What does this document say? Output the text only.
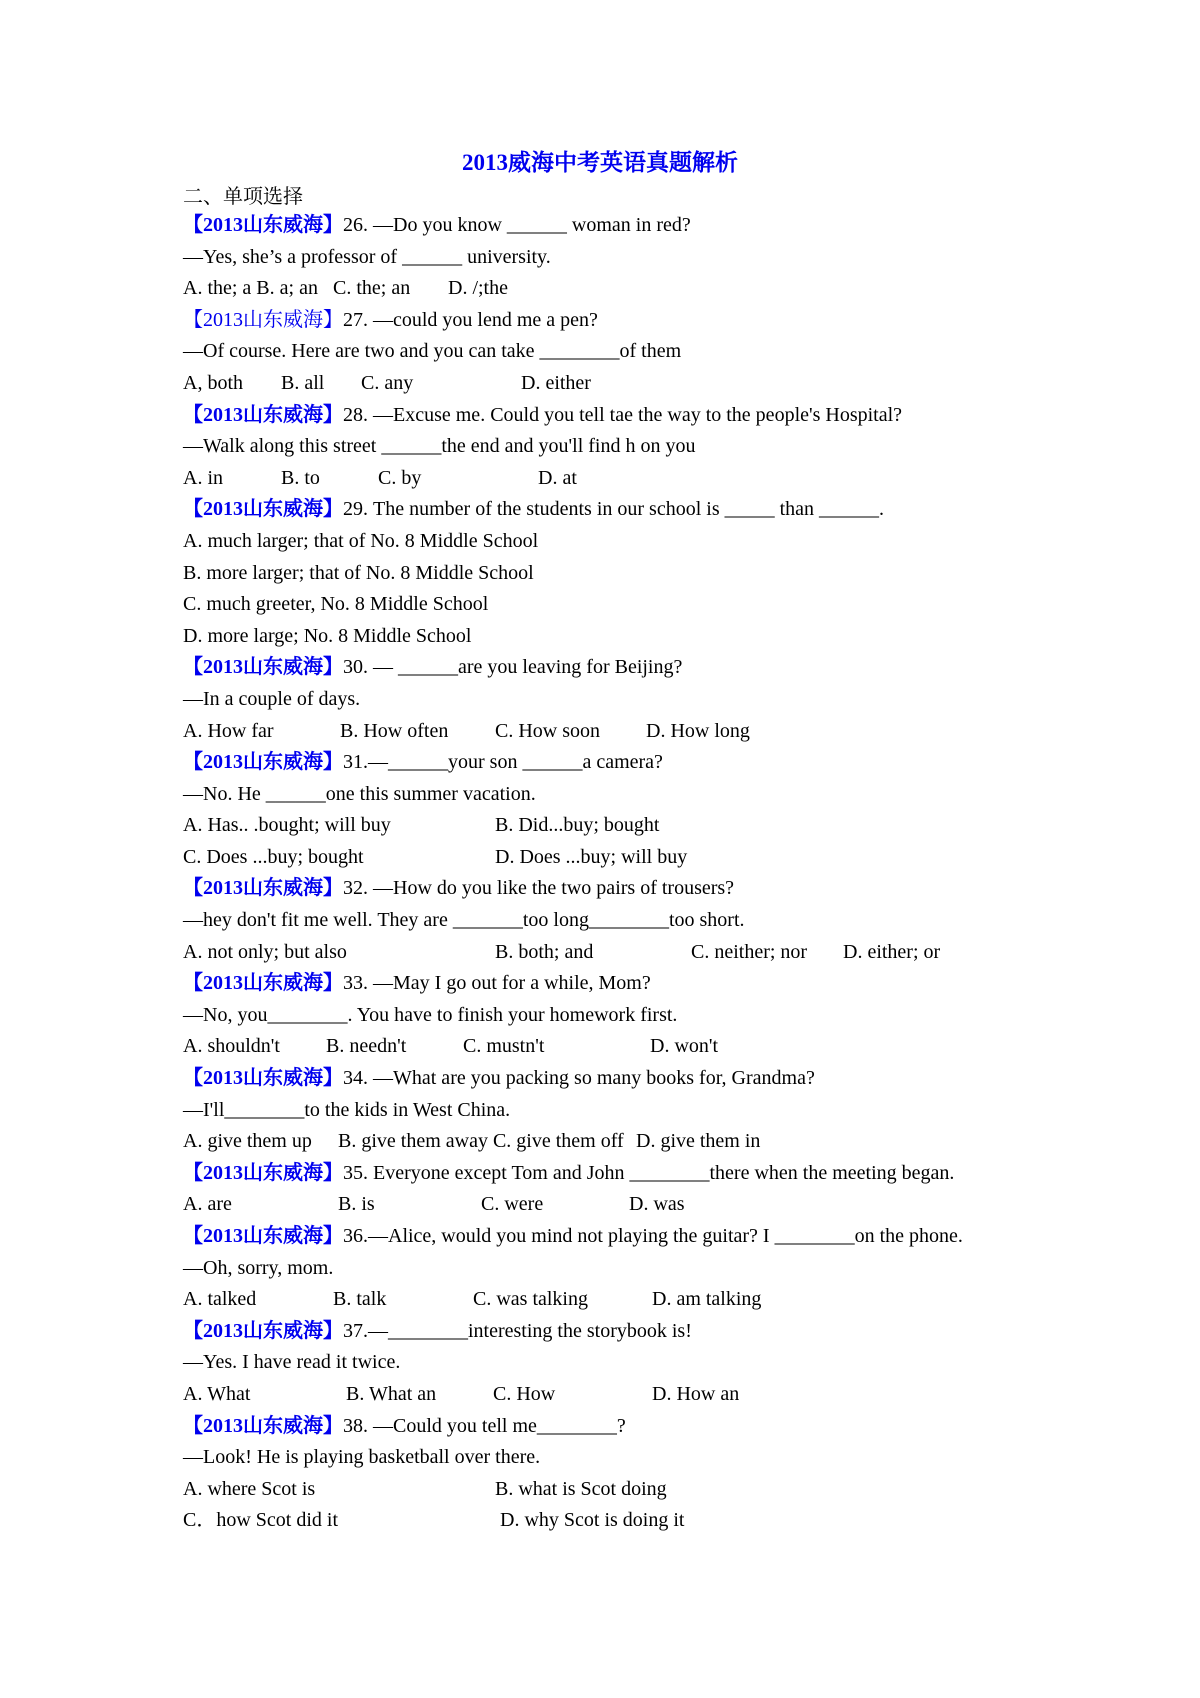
2013威海中考英语真题解析
二、单项选择
【2013山东威海】26. —Do you know ______ woman in red?
—Yes, she’s a professor of ______ university.
A. the; a B. a; an C. the; an D. /;the
【2013山东威海】27. —could you lend me a pen?
—Of course. Here are two and you can take ________of them
A, both B. all C. any	D. either
【2013山东威海】28. —Excuse me. Could you tell tae the way to the people's Hospital?
—Walk along this street ______the end and you'll find h on you
A. in	B. to	C. by	D. at
【2013山东威海】29. The number of the students in our school is _____ than ______.
A. much larger; that of No. 8 Middle School
B. more larger; that of No. 8 Middle School
C. much greeter, No. 8 Middle School
D. more large; No. 8 Middle School
【2013山东威海】30. — ______are you leaving for Beijing?
—In a couple of days.
A. How far	B. How often C. How soon D. How long
【2013山东威海】31.—______your son ______a camera?
—No. He ______one this summer vacation.
A. Has.. .bought; will buy	B. Did...buy; bought
C. Does ...buy; bought	D. Does ...buy; will buy
【2013山东威海】32. —How do you like the two pairs of trousers?
—hey don't fit me well. They are _______too long________too short.
A. not only; but also	B. both; and	C. neither; nor D. either; or
【2013山东威海】33. —May I go out for a while, Mom?
—No, you________. You have to finish your homework first.
A. shouldn't B. needn't	C. mustn't	D. won't
【2013山东威海】34. —What are you packing so many books for, Grandma?
—I'll________to the kids in West China.
A. give them up B. give them away C. give them off D. give them in
【2013山东威海】35. Everyone except Tom and John ________there when the meeting began.
A. are	B. is	C. were	D. was
【2013山东威海】36.—Alice, would you mind not playing the guitar? I ________on the phone.
—Oh, sorry, mom.
A. talked	B. talk	C. was talking	D. am talking
【2013山东威海】37.—________interesting the storybook is!
—Yes. I have read it twice.
A. What	B. What an	C. How	D. How an
【2013山东威海】38. —Could you tell me________?
—Look! He is playing basketball over there.
A. where Scot is	B. what is Scot doing
C．how Scot did it	D. why Scot is doing it
